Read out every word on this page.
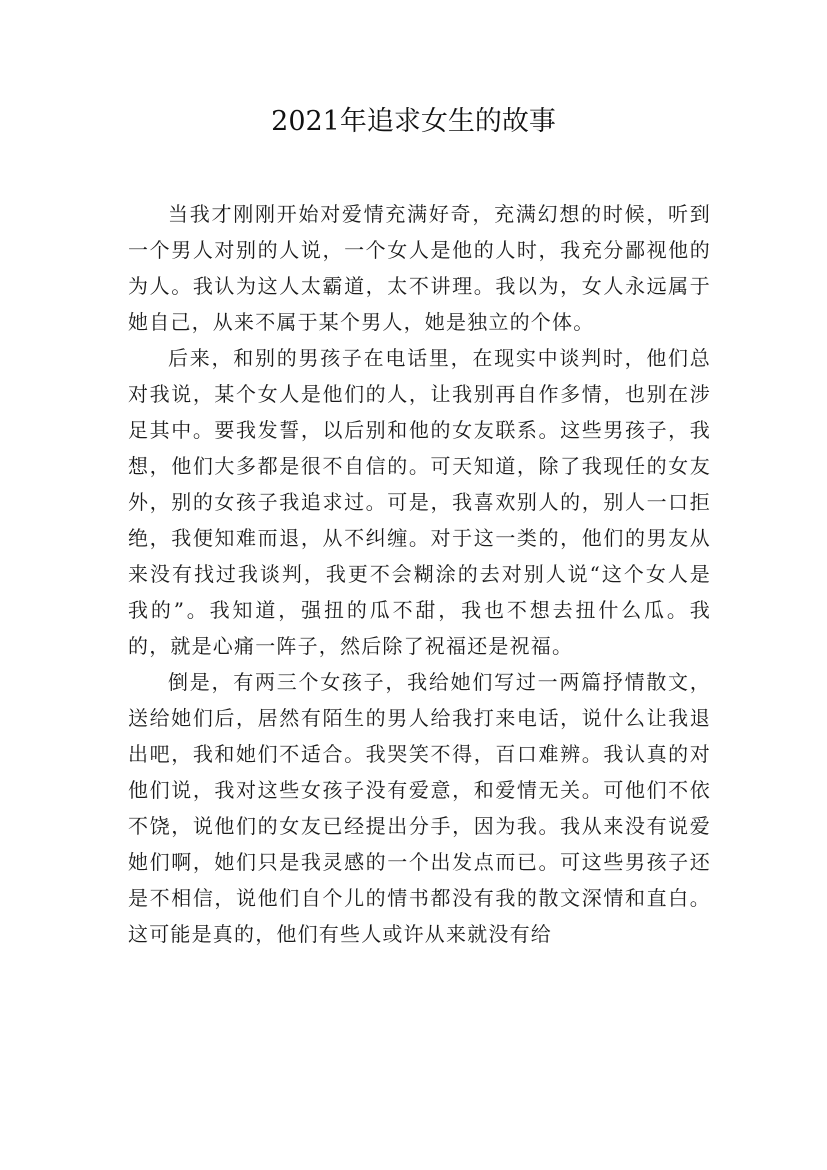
2021年追求女生的故事

当我才刚刚开始对爱情充满好奇，充满幻想的时候，听到一个男人对别的人说，一个女人是他的人时，我充分鄙视他的为人。我认为这人太霸道，太不讲理。我以为，女人永远属于她自己，从来不属于某个男人，她是独立的个体。

后来，和别的男孩子在电话里，在现实中谈判时，他们总对我说，某个女人是他们的人，让我别再自作多情，也别在涉足其中。要我发誓，以后别和他的女友联系。这些男孩子，我想，他们大多都是很不自信的。可天知道，除了我现任的女友外，别的女孩子我追求过。可是，我喜欢别人的，别人一口拒绝，我便知难而退，从不纠缠。对于这一类的，他们的男友从来没有找过我谈判，我更不会糊涂的去对别人说“这个女人是我的”。我知道，强扭的瓜不甜，我也不想去扭什么瓜。我的，就是心痛一阵子，然后除了祝福还是祝福。

倒是，有两三个女孩子，我给她们写过一两篇抒情散文，送给她们后，居然有陌生的男人给我打来电话，说什么让我退出吧，我和她们不适合。我哭笑不得，百口难辨。我认真的对他们说，我对这些女孩子没有爱意，和爱情无关。可他们不依不饶，说他们的女友已经提出分手，因为我。我从来没有说爱她们啊，她们只是我灵感的一个出发点而已。可这些男孩子还是不相信，说他们自个儿的情书都没有我的散文深情和直白。这可能是真的，他们有些人或许从来就没有给
